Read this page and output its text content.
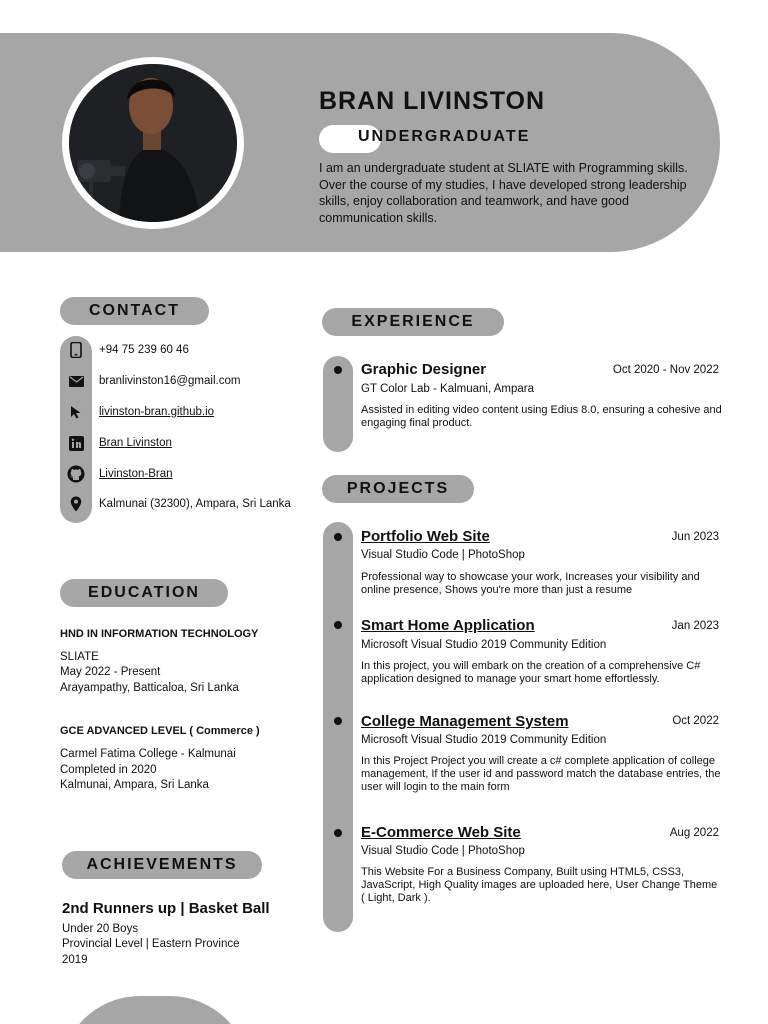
BRAN LIVINSTON
UNDERGRADUATE
I am an undergraduate student at SLIATE with Programming skills. Over the course of my studies, I have developed strong leadership skills, enjoy collaboration and teamwork, and have good communication skills.
CONTACT
+94 75 239 60 46
branlivinston16@gmail.com
livinston-bran.github.io
Bran Livinston
Livinston-Bran
Kalmunai (32300), Ampara, Sri Lanka
EDUCATION
HND IN INFORMATION TECHNOLOGY
SLIATE
May 2022 - Present
Arayampathy, Batticaloa, Sri Lanka
GCE ADVANCED LEVEL ( Commerce )
Carmel Fatima College - Kalmunai
Completed in 2020
Kalmunai, Ampara, Sri Lanka
ACHIEVEMENTS
2nd Runners up | Basket Ball
Under 20 Boys
Provincial Level | Eastern Province
2019
EXPERIENCE
Graphic Designer	Oct 2020 - Nov 2022
GT Color Lab - Kalmuani, Ampara
Assisted in editing video content using Edius 8.0, ensuring a cohesive and engaging final product.
PROJECTS
Portfolio Web Site	Jun 2023
Visual Studio Code | PhotoShop
Professional way to showcase your work, Increases your visibility and online presence, Shows you're more than just a resume
Smart Home Application	Jan 2023
Microsoft Visual Studio 2019 Community Edition
In this project, you will embark on the creation of a comprehensive C# application designed to manage your smart home effortlessly.
College Management System	Oct 2022
Microsoft Visual Studio 2019 Community Edition
In this Project Project you will create a c# complete application of college management, If the user id and password match the database entries, the user will login to the main form
E-Commerce Web Site	Aug 2022
Visual Studio Code | PhotoShop
This Website For a Business Company, Built using HTML5, CSS3, JavaScript, High Quality images are uploaded here, User Change Theme ( Light, Dark ).
